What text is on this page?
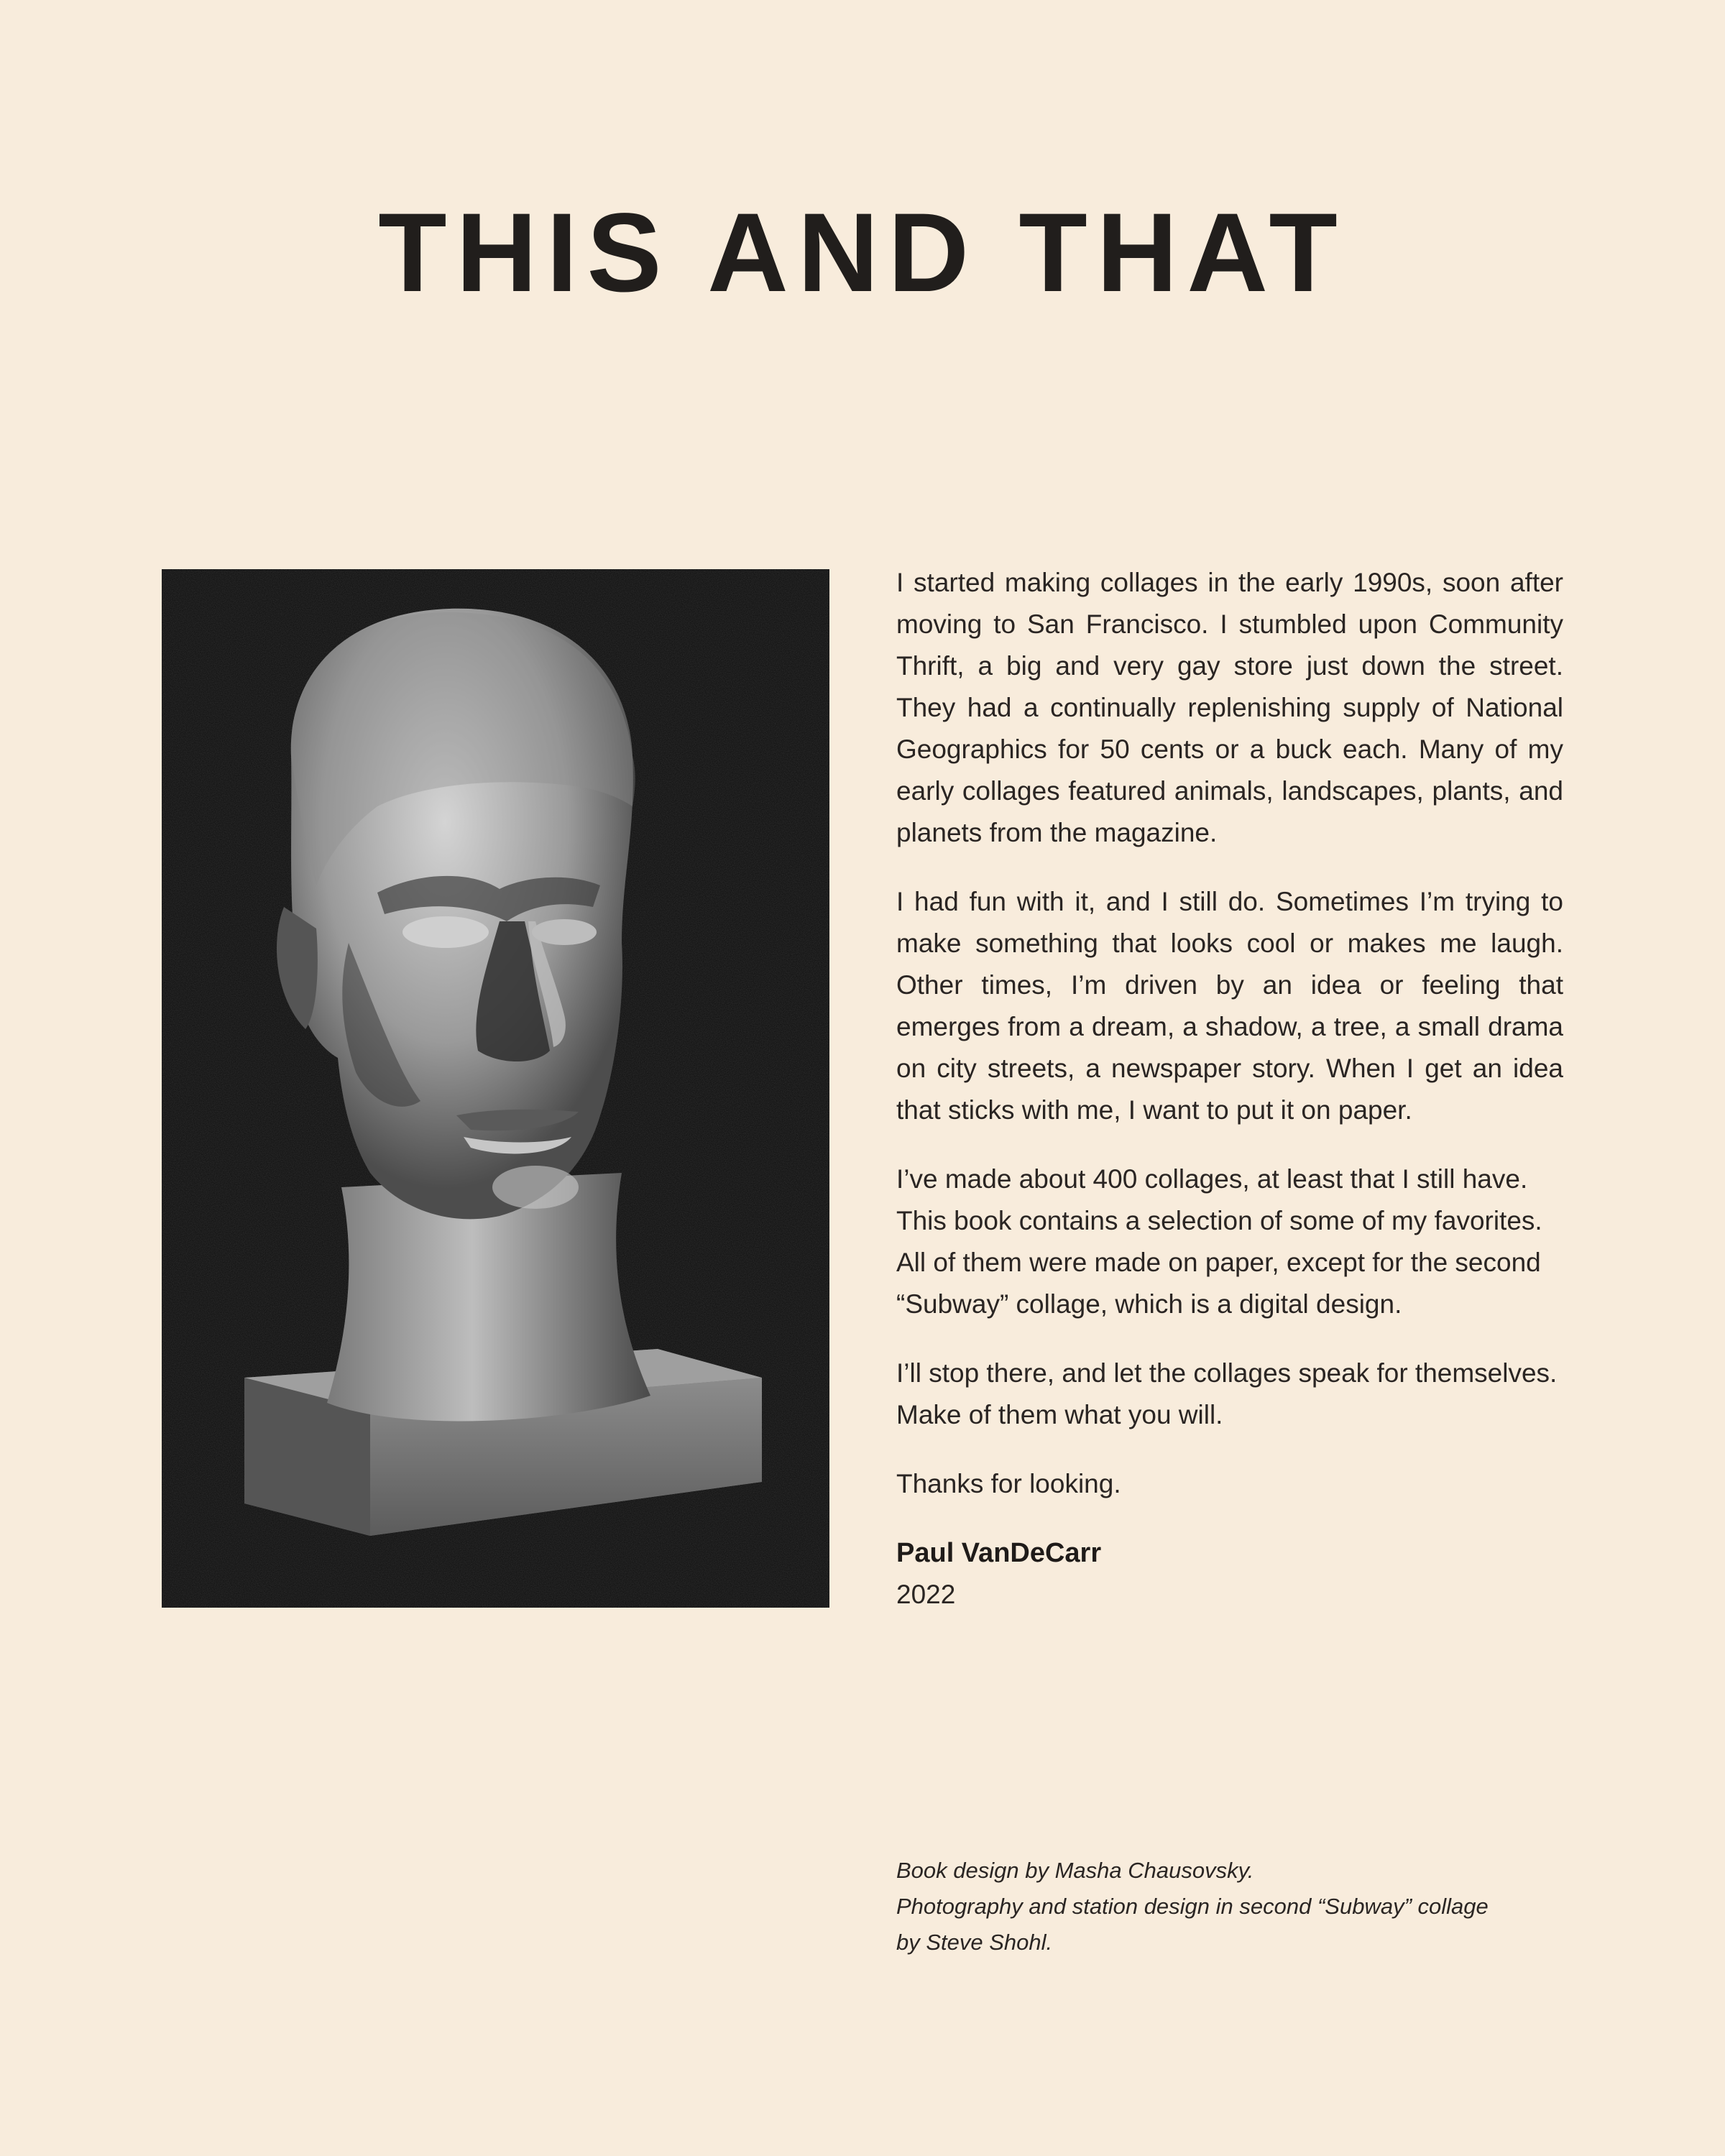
THIS AND THAT

I started making collages in the early 1990s, soon after moving to San Francisco. I stumbled upon Community Thrift, a big and very gay store just down the street. They had a continually replenishing supply of National Geographics for 50 cents or a buck each. Many of my early collages featured animals, landscapes, plants, and planets from the magazine.

I had fun with it, and I still do. Sometimes I’m trying to make something that looks cool or makes me laugh. Other times, I’m driven by an idea or feeling that emerges from a dream, a shadow, a tree, a small drama on city streets, a newspaper story. When I get an idea that sticks with me, I want to put it on paper.

I’ve made about 400 collages, at least that I still have. This book contains a selection of some of my favorites. All of them were made on paper, except for the second “Subway” collage, which is a digital design.

I’ll stop there, and let the collages speak for themselves. Make of them what you will.

Thanks for looking.

Paul VanDeCarr
2022
Book design by Masha Chausovsky.
Photography and station design in second “Subway” collage
by Steve Shohl.
